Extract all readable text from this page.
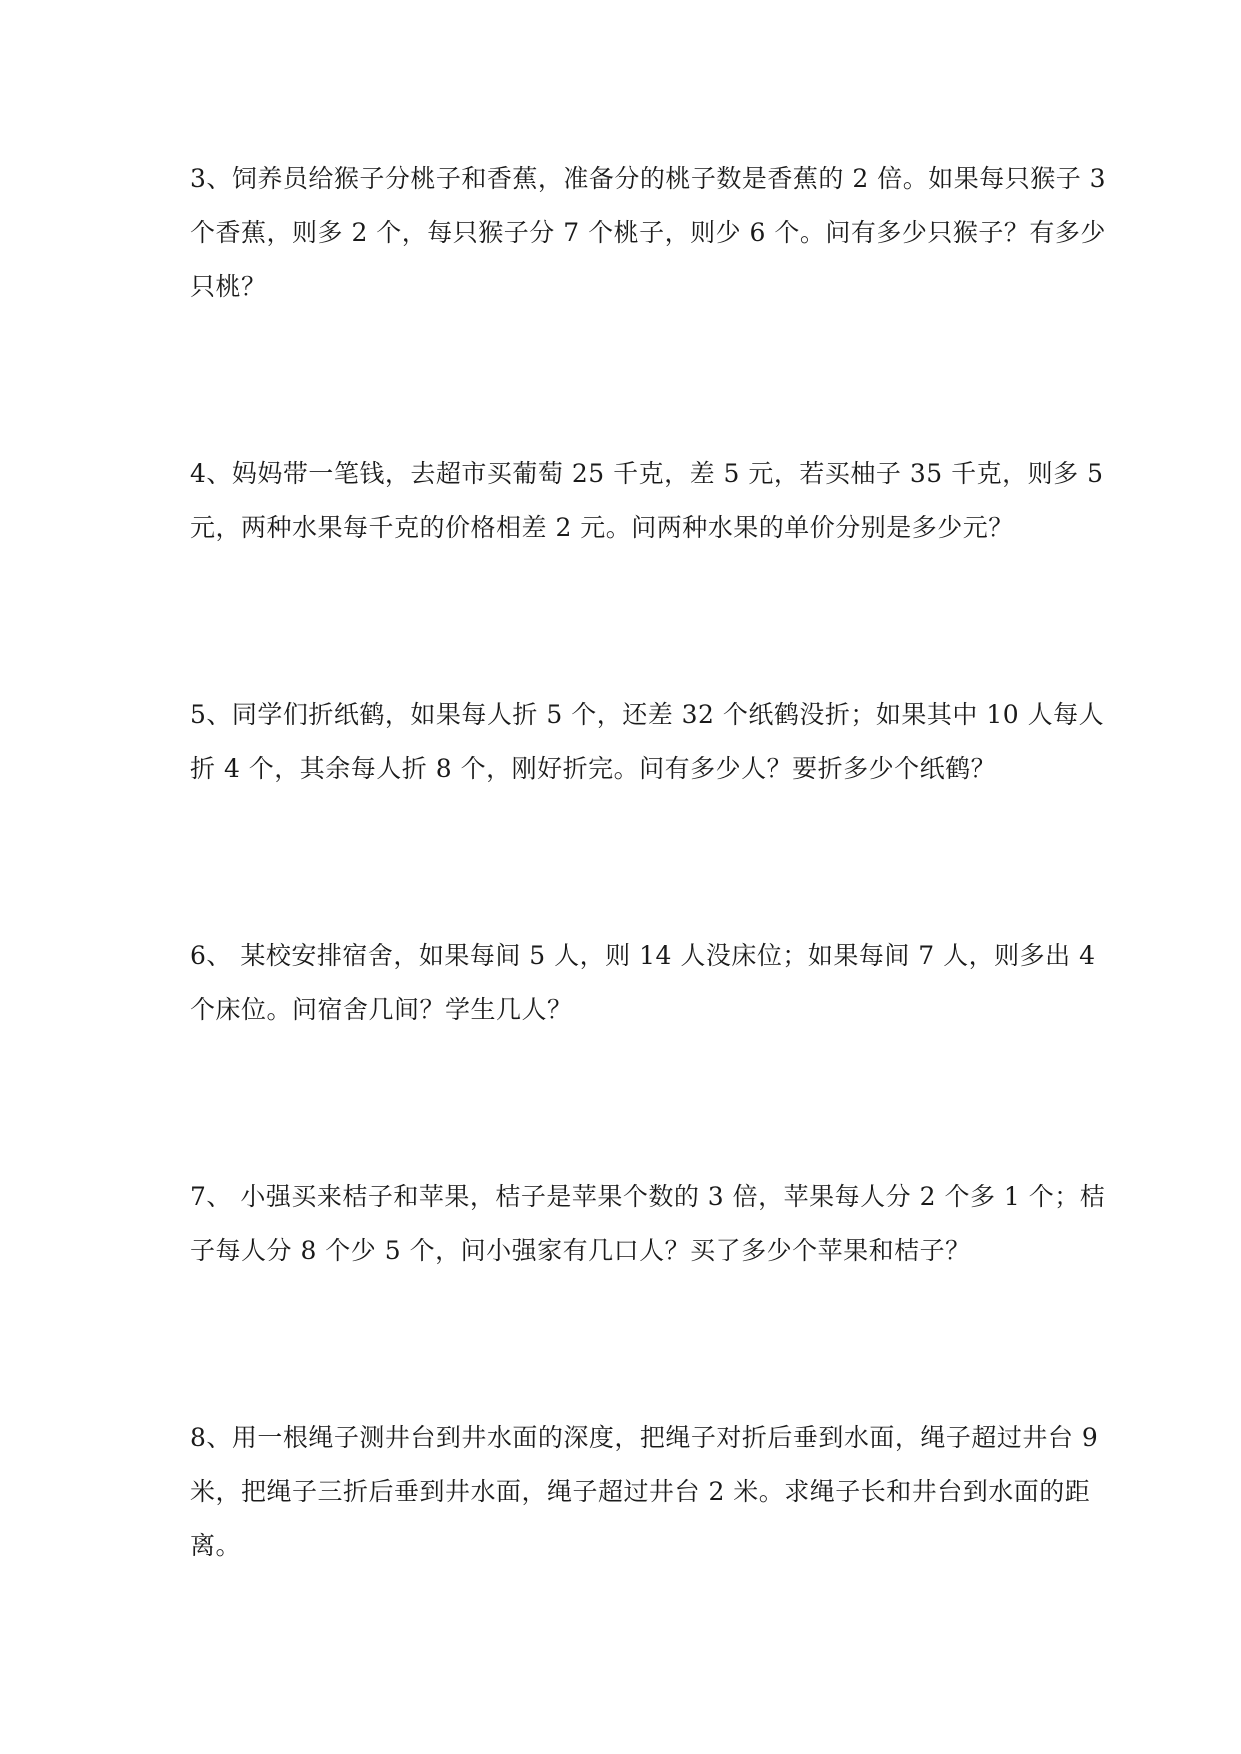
3、饲养员给猴子分桃子和香蕉，准备分的桃子数是香蕉的 2 倍。如果每只猴子 3
个香蕉，则多 2 个，每只猴子分 7 个桃子，则少 6 个。问有多少只猴子？有多少
只桃？
4、妈妈带一笔钱，去超市买葡萄 25 千克，差 5 元，若买柚子 35 千克，则多 5
元，两种水果每千克的价格相差 2 元。问两种水果的单价分别是多少元？
5、同学们折纸鹤，如果每人折 5 个，还差 32 个纸鹤没折；如果其中 10 人每人
折 4 个，其余每人折 8 个，刚好折完。问有多少人？要折多少个纸鹤？
6、 某校安排宿舍，如果每间 5 人，则 14 人没床位；如果每间 7 人，则多出 4
个床位。问宿舍几间？学生几人？
7、 小强买来桔子和苹果，桔子是苹果个数的 3 倍，苹果每人分 2 个多 1 个；桔
子每人分 8 个少 5 个，问小强家有几口人？买了多少个苹果和桔子？
8、用一根绳子测井台到井水面的深度，把绳子对折后垂到水面，绳子超过井台 9
米，把绳子三折后垂到井水面，绳子超过井台 2 米。求绳子长和井台到水面的距
离。
